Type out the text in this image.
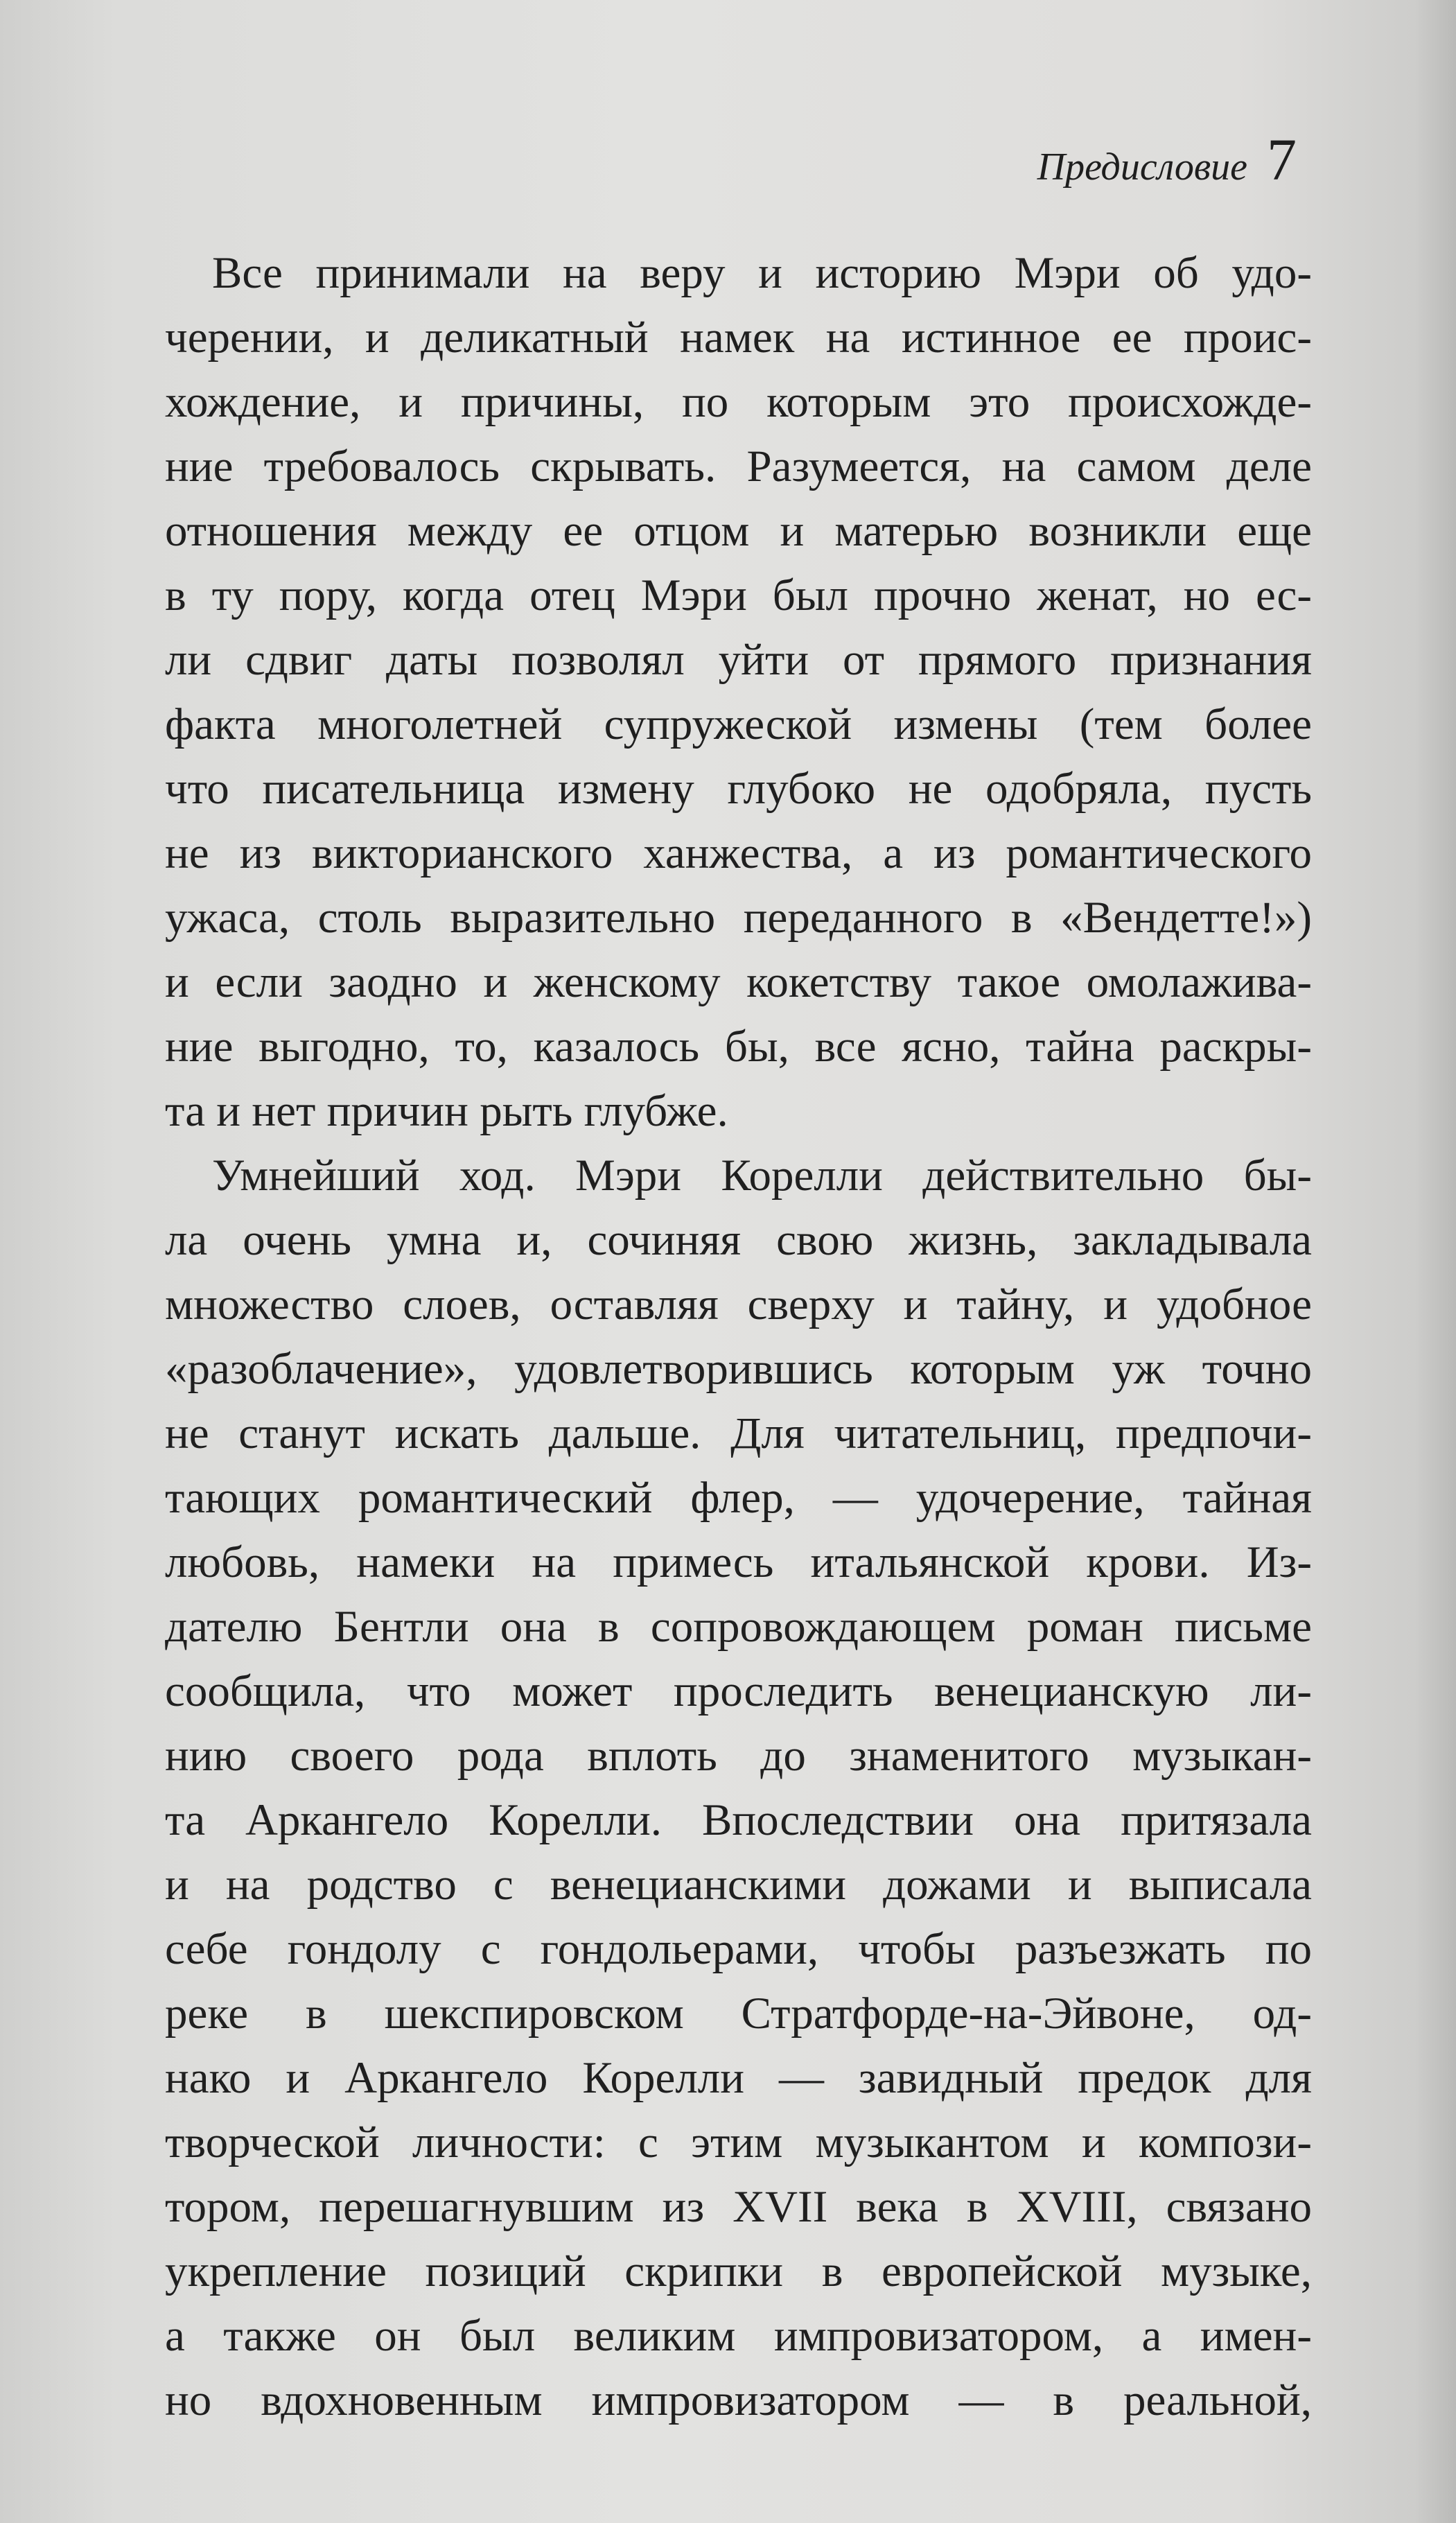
Предисловие 7
Все принимали на веру и историю Мэри об удо-
черении, и деликатный намек на истинное ее проис-
хождение, и причины, по которым это происхожде-
ние требовалось скрывать. Разумеется, на самом деле
отношения между ее отцом и матерью возникли еще
в ту пору, когда отец Мэри был прочно женат, но ес-
ли сдвиг даты позволял уйти от прямого признания
факта многолетней супружеской измены (тем более
что писательница измену глубоко не одобряла, пусть
не из викторианского ханжества, а из романтического
ужаса, столь выразительно переданного в «Вендетте!»)
и если заодно и женскому кокетству такое омолажива-
ние выгодно, то, казалось бы, все ясно, тайна раскры-
та и нет причин рыть глубже.
Умнейший ход. Мэри Корелли действительно бы-
ла очень умна и, сочиняя свою жизнь, закладывала
множество слоев, оставляя сверху и тайну, и удобное
«разоблачение», удовлетворившись которым уж точно
не станут искать дальше. Для читательниц, предпочи-
тающих романтический флер, — удочерение, тайная
любовь, намеки на примесь итальянской крови. Из-
дателю Бентли она в сопровождающем роман письме
сообщила, что может проследить венецианскую ли-
нию своего рода вплоть до знаменитого музыкан-
та Аркангело Корелли. Впоследствии она притязала
и на родство с венецианскими дожами и выписала
себе гондолу с гондольерами, чтобы разъезжать по
реке в шекспировском Стратфорде-на-Эйвоне, од-
нако и Аркангело Корелли — завидный предок для
творческой личности: с этим музыкантом и компози-
тором, перешагнувшим из XVII века в XVIII, связано
укрепление позиций скрипки в европейской музыке,
а также он был великим импровизатором, а имен-
но вдохновенным импровизатором — в реальной,
